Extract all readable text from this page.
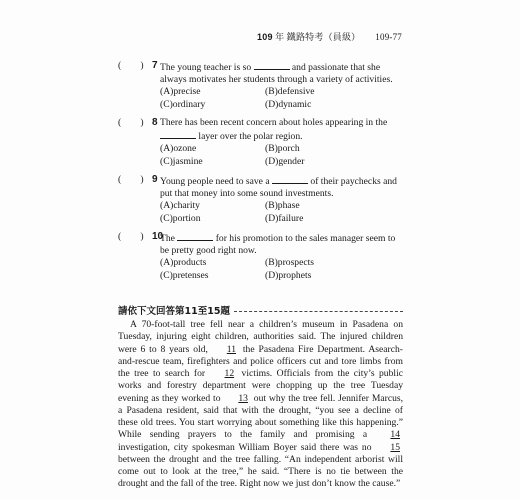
109 年 鐵路特考（員級） 109-77
(　　) 7 The young teacher is so	and passionate that she always motivates her students through a variety of activities.
(A)precise	(B)defensive
(C)ordinary	(D)dynamic
(　　) 8 There has been recent concern about holes appearing in the  layer over the polar region.
(A)ozone	(B)porch
(C)jasmine	(D)gender
(　　) 9 Young people need to save a	of their paychecks and put that money into some sound investments.
(A)charity	(B)phase
(C)portion	(D)failure
(　　) 10
The	for his promotion to the sales manager seem to be pretty good right now.
(A)products	(B)prospects
(C)pretenses	(D)prophets
請依下文回答第11至15題

A 70-foot-tall tree fell near a children’s museum in Pasadena on Tuesday, injuring eight children, authorities said. The injured children were 6 to 8 years old, 11 the Pasadena Fire Department. Asearch-and-rescue team, firefighters and police officers cut and tore limbs from the tree to search for 12 victims. Officials from the city’s public works and forestry department were chopping up the tree Tuesday evening as they worked to 13 out why the tree fell. Jennifer Marcus, a Pasadena resident, said that with the drought, “you see a decline of these old trees. You start worrying about something like this happening.” While sending prayers to the family and promising a 14 investigation, city spokesman William Boyer said there was no 15 between the drought and the tree falling. “An independent arborist will come out to look at the tree,” he said. “There is no tie between the drought and the fall of the tree. Right now we just don’t know the cause.”
